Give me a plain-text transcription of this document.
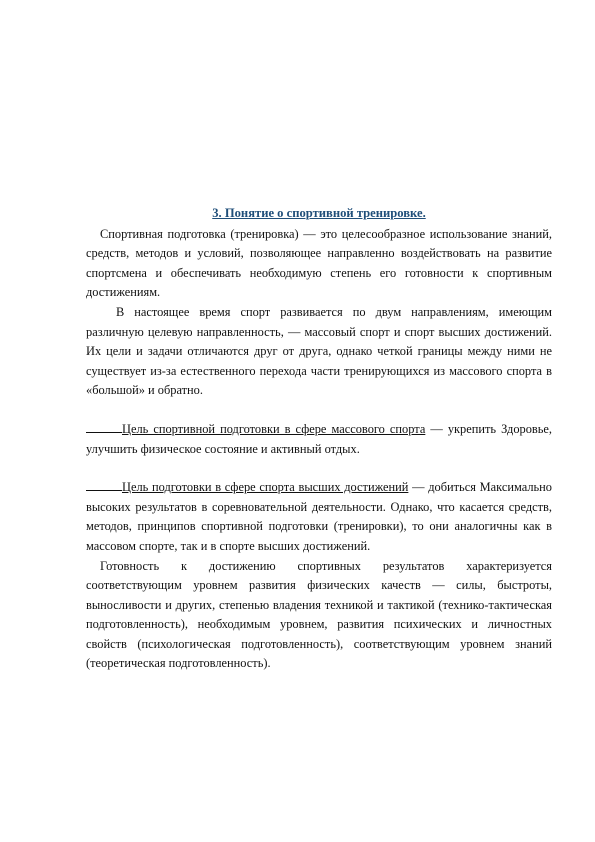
3. Понятие о спортивной тренировке.

Спортивная подготовка (тренировка) — это целесообразное использование знаний, средств, методов и условий, позволяющее направленно воздействовать на развитие спортсмена и обеспечивать необходимую степень его готовности к спортивным достижениям.

В настоящее время спорт развивается по двум направлениям, имеющим различную целевую направленность, — массовый спорт и спорт высших достижений. Их цели и задачи отличаются друг от друга, однако четкой границы между ними не существует из-за естественного перехода части тренирующихся из массового спорта в «большой» и обратно.

Цель спортивной подготовки в сфере массового спорта — укрепить Здоровье, улучшить физическое состояние и активный отдых.

Цель подготовки в сфере спорта высших достижений — добиться Максимально высоких результатов в соревновательной деятельности. Однако, что касается средств, методов, принципов спортивной подготовки (тренировки), то они аналогичны как в массовом спорте, так и в спорте высших достижений.

Готовность к достижению спортивных результатов характеризуется соответствующим уровнем развития физических качеств — силы, быстроты, выносливости и других, степенью владения техникой и тактикой (технико-тактическая подготовленность), необходимым уровнем, развития психических и личностных свойств (психологическая подготовленность), соответствующим уровнем знаний (теоретическая подготовленность).
